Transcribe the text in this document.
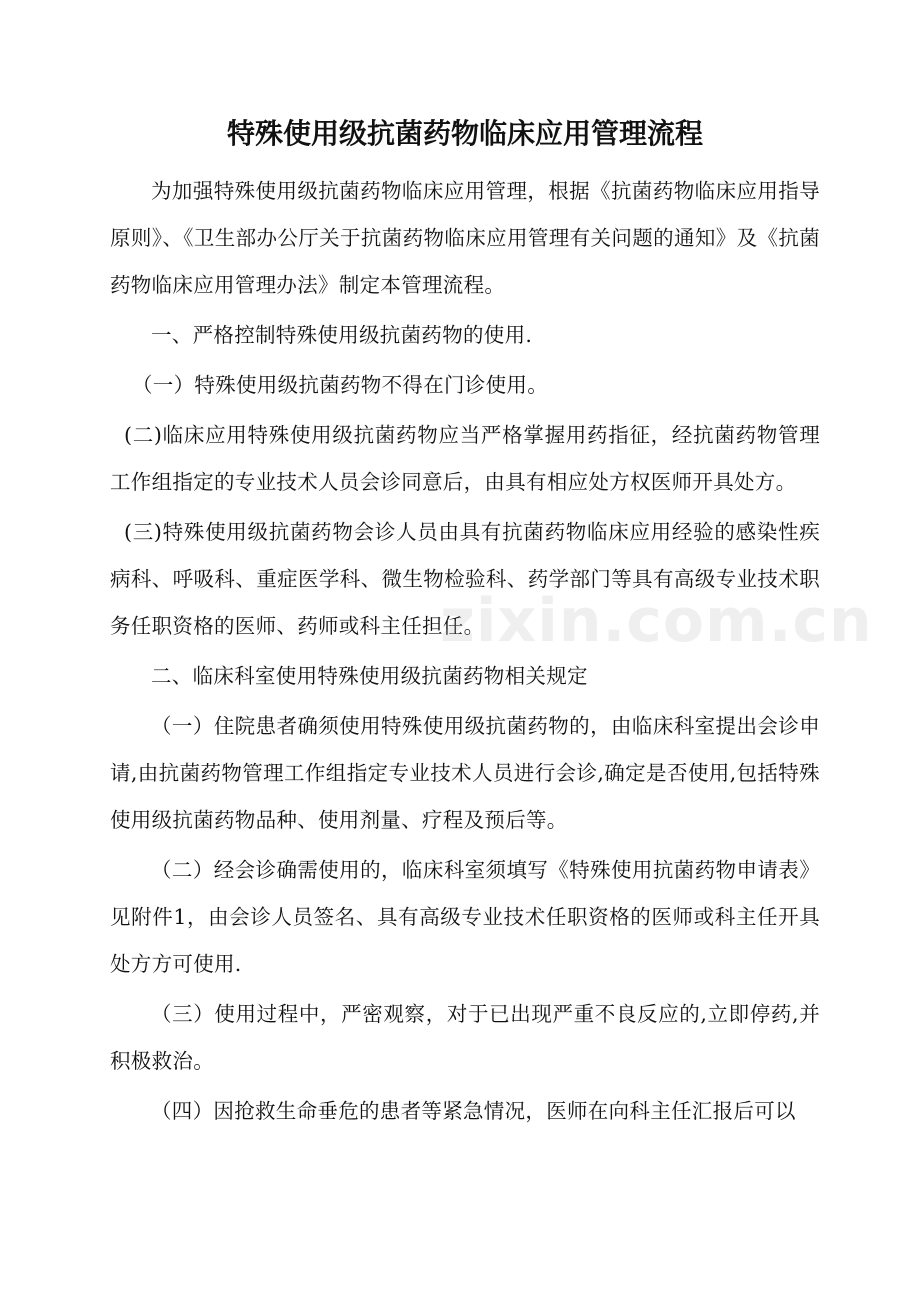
特殊使用级抗菌药物临床应用管理流程

为加强特殊使用级抗菌药物临床应用管理，根据《抗菌药物临床应用指导原则》、《卫生部办公厅关于抗菌药物临床应用管理有关问题的通知》及《抗菌药物临床应用管理办法》制定本管理流程。

一、严格控制特殊使用级抗菌药物的使用.

（一）特殊使用级抗菌药物不得在门诊使用。

(二)临床应用特殊使用级抗菌药物应当严格掌握用药指征，经抗菌药物管理工作组指定的专业技术人员会诊同意后，由具有相应处方权医师开具处方。

(三)特殊使用级抗菌药物会诊人员由具有抗菌药物临床应用经验的感染性疾病科、呼吸科、重症医学科、微生物检验科、药学部门等具有高级专业技术职务任职资格的医师、药师或科主任担任。

二、临床科室使用特殊使用级抗菌药物相关规定

（一）住院患者确须使用特殊使用级抗菌药物的，由临床科室提出会诊申请,由抗菌药物管理工作组指定专业技术人员进行会诊,确定是否使用,包括特殊使用级抗菌药物品种、使用剂量、疗程及预后等。

（二）经会诊确需使用的，临床科室须填写《特殊使用抗菌药物申请表》见附件1，由会诊人员签名、具有高级专业技术任职资格的医师或科主任开具处方方可使用.

（三）使用过程中，严密观察，对于已出现严重不良反应的,立即停药,并积极救治。

（四）因抢救生命垂危的患者等紧急情况，医师在向科主任汇报后可以

zixin.com.cn
